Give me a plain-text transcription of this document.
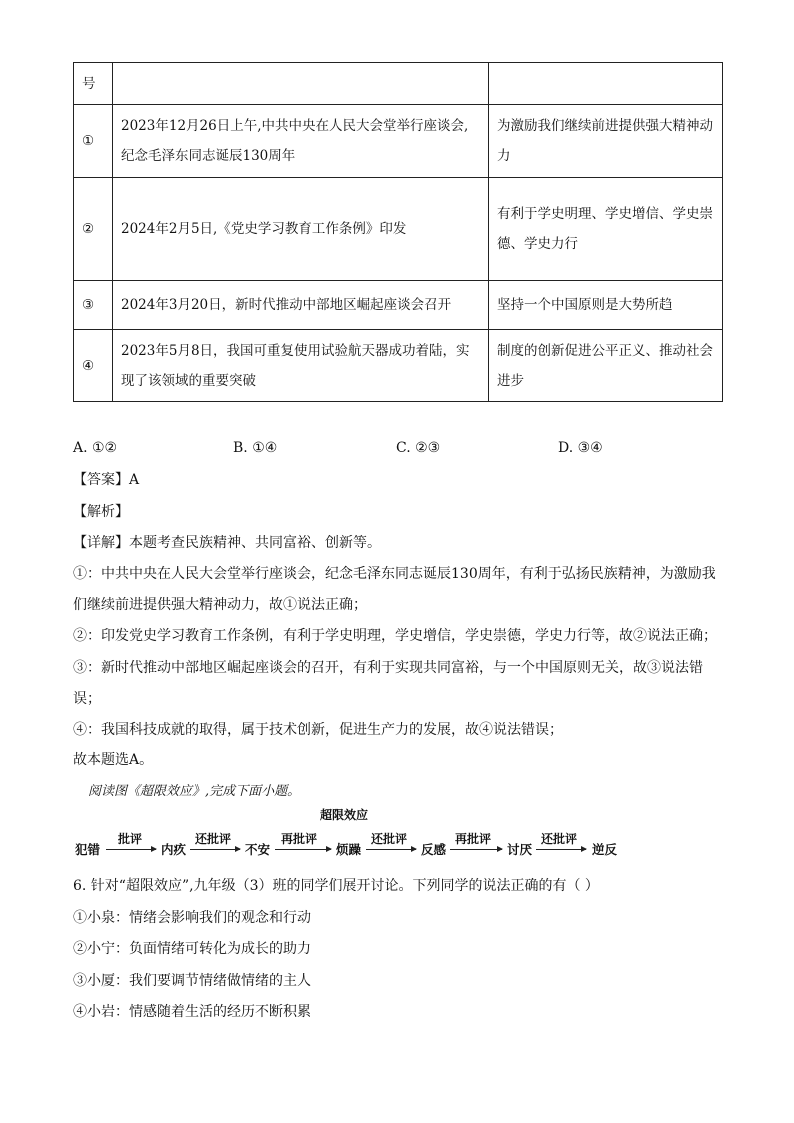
号		
①	2023年12月26日上午,中共中央在人民大会堂举行座谈会,纪念毛泽东同志诞辰130周年	为激励我们继续前进提供强大精神动力
②	2024年2月5日,《党史学习教育工作条例》印发	有利于学史明理、学史增信、学史崇德、学史力行
③	2024年3月20日，新时代推动中部地区崛起座谈会召开	坚持一个中国原则是大势所趋
④	2023年5月8日，我国可重复使用试验航天器成功着陆，实现了该领域的重要突破	制度的创新促进公平正义、推动社会进步
A. ①②	B. ①④	C. ②③	D. ③④
【答案】A
【解析】
【详解】本题考查民族精神、共同富裕、创新等。
①：中共中央在人民大会堂举行座谈会，纪念毛泽东同志诞辰130周年，有利于弘扬民族精神，为激励我们继续前进提供强大精神动力，故①说法正确；
②：印发党史学习教育工作条例，有利于学史明理，学史增信，学史崇德，学史力行等，故②说法正确；
③：新时代推动中部地区崛起座谈会的召开，有利于实现共同富裕，与一个中国原则无关，故③说法错误；
④：我国科技成就的取得，属于技术创新，促进生产力的发展，故④说法错误；
故本题选A。
阅读图《超限效应》,完成下面小题。
超限效应
犯错
批评
内疚
还批评
不安
再批评
烦躁
还批评
反感
再批评
讨厌
还批评
逆反
6. 针对“超限效应”,九年级（3）班的同学们展开讨论。下列同学的说法正确的有（ ）
①小泉：情绪会影响我们的观念和行动
②小宁：负面情绪可转化为成长的助力
③小厦：我们要调节情绪做情绪的主人
④小岩：情感随着生活的经历不断积累
